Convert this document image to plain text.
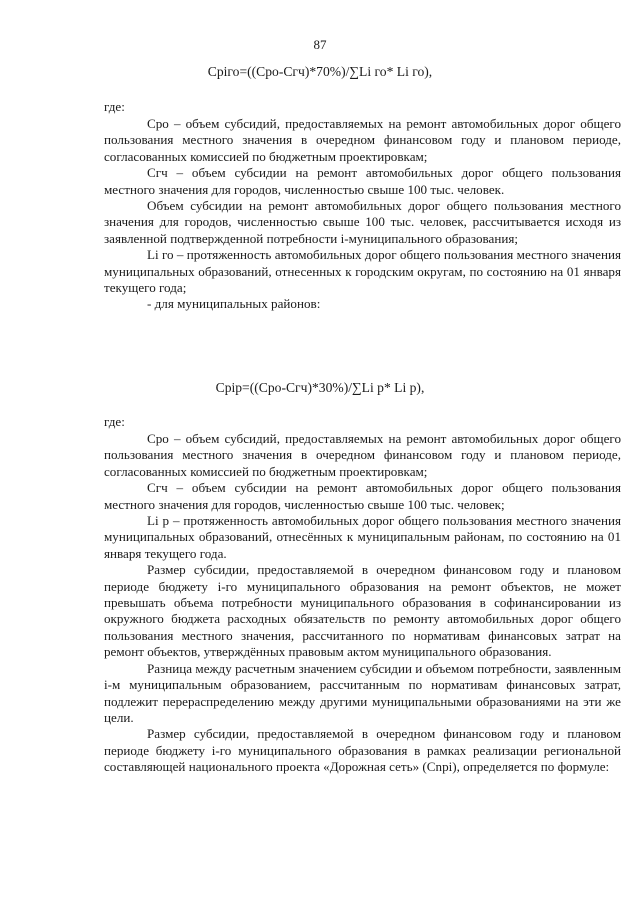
87
Срiго=((Сро-Сгч)*70%)/∑Li го* Li го),
где:

Сро – объем субсидий, предоставляемых на ремонт автомобильных дорог общего пользования местного значения в очередном финансовом году и плановом периоде, согласованных комиссией по бюджетным проектировкам;

Сгч – объем субсидии на ремонт автомобильных дорог общего пользования местного значения для городов, численностью свыше 100 тыс. человек.

Объем субсидии на ремонт автомобильных дорог общего пользования местного значения для городов, численностью свыше 100 тыс. человек, рассчитывается исходя из заявленной подтвержденной потребности i-муниципального образования;

Li го – протяженность автомобильных дорог общего пользования местного значения муниципальных образований, отнесенных к городским округам, по состоянию на 01 января текущего года;

- для муниципальных районов:

Срiр=((Сро-Сгч)*30%)/∑Li р* Li р),
где:

Сро – объем субсидий, предоставляемых на ремонт автомобильных дорог общего пользования местного значения в очередном финансовом году и плановом периоде, согласованных комиссией по бюджетным проектировкам;

Сгч – объем субсидии на ремонт автомобильных дорог общего пользования местного значения для городов, численностью свыше 100 тыс. человек;

Li р – протяженность автомобильных дорог общего пользования местного значения муниципальных образований, отнесённых к муниципальным районам, по состоянию на 01 января текущего года.

Размер субсидии, предоставляемой в очередном финансовом году и плановом периоде бюджету i-го муниципального образования на ремонт объектов, не может превышать объема потребности муниципального образования в софинансировании из окружного бюджета расходных обязательств по ремонту автомобильных дорог общего пользования местного значения, рассчитанного по нормативам финансовых затрат на ремонт объектов, утверждённых правовым актом муниципального образования.

Разница между расчетным значением субсидии и объемом потребности, заявленным i-м муниципальным образованием, рассчитанным по нормативам финансовых затрат, подлежит перераспределению между другими муниципальными образованиями на эти же цели.

Размер субсидии, предоставляемой в очередном финансовом году и плановом периоде бюджету i-го муниципального образования в рамках реализации региональной составляющей национального проекта «Дорожная сеть» (Сnрi), определяется по формуле:
